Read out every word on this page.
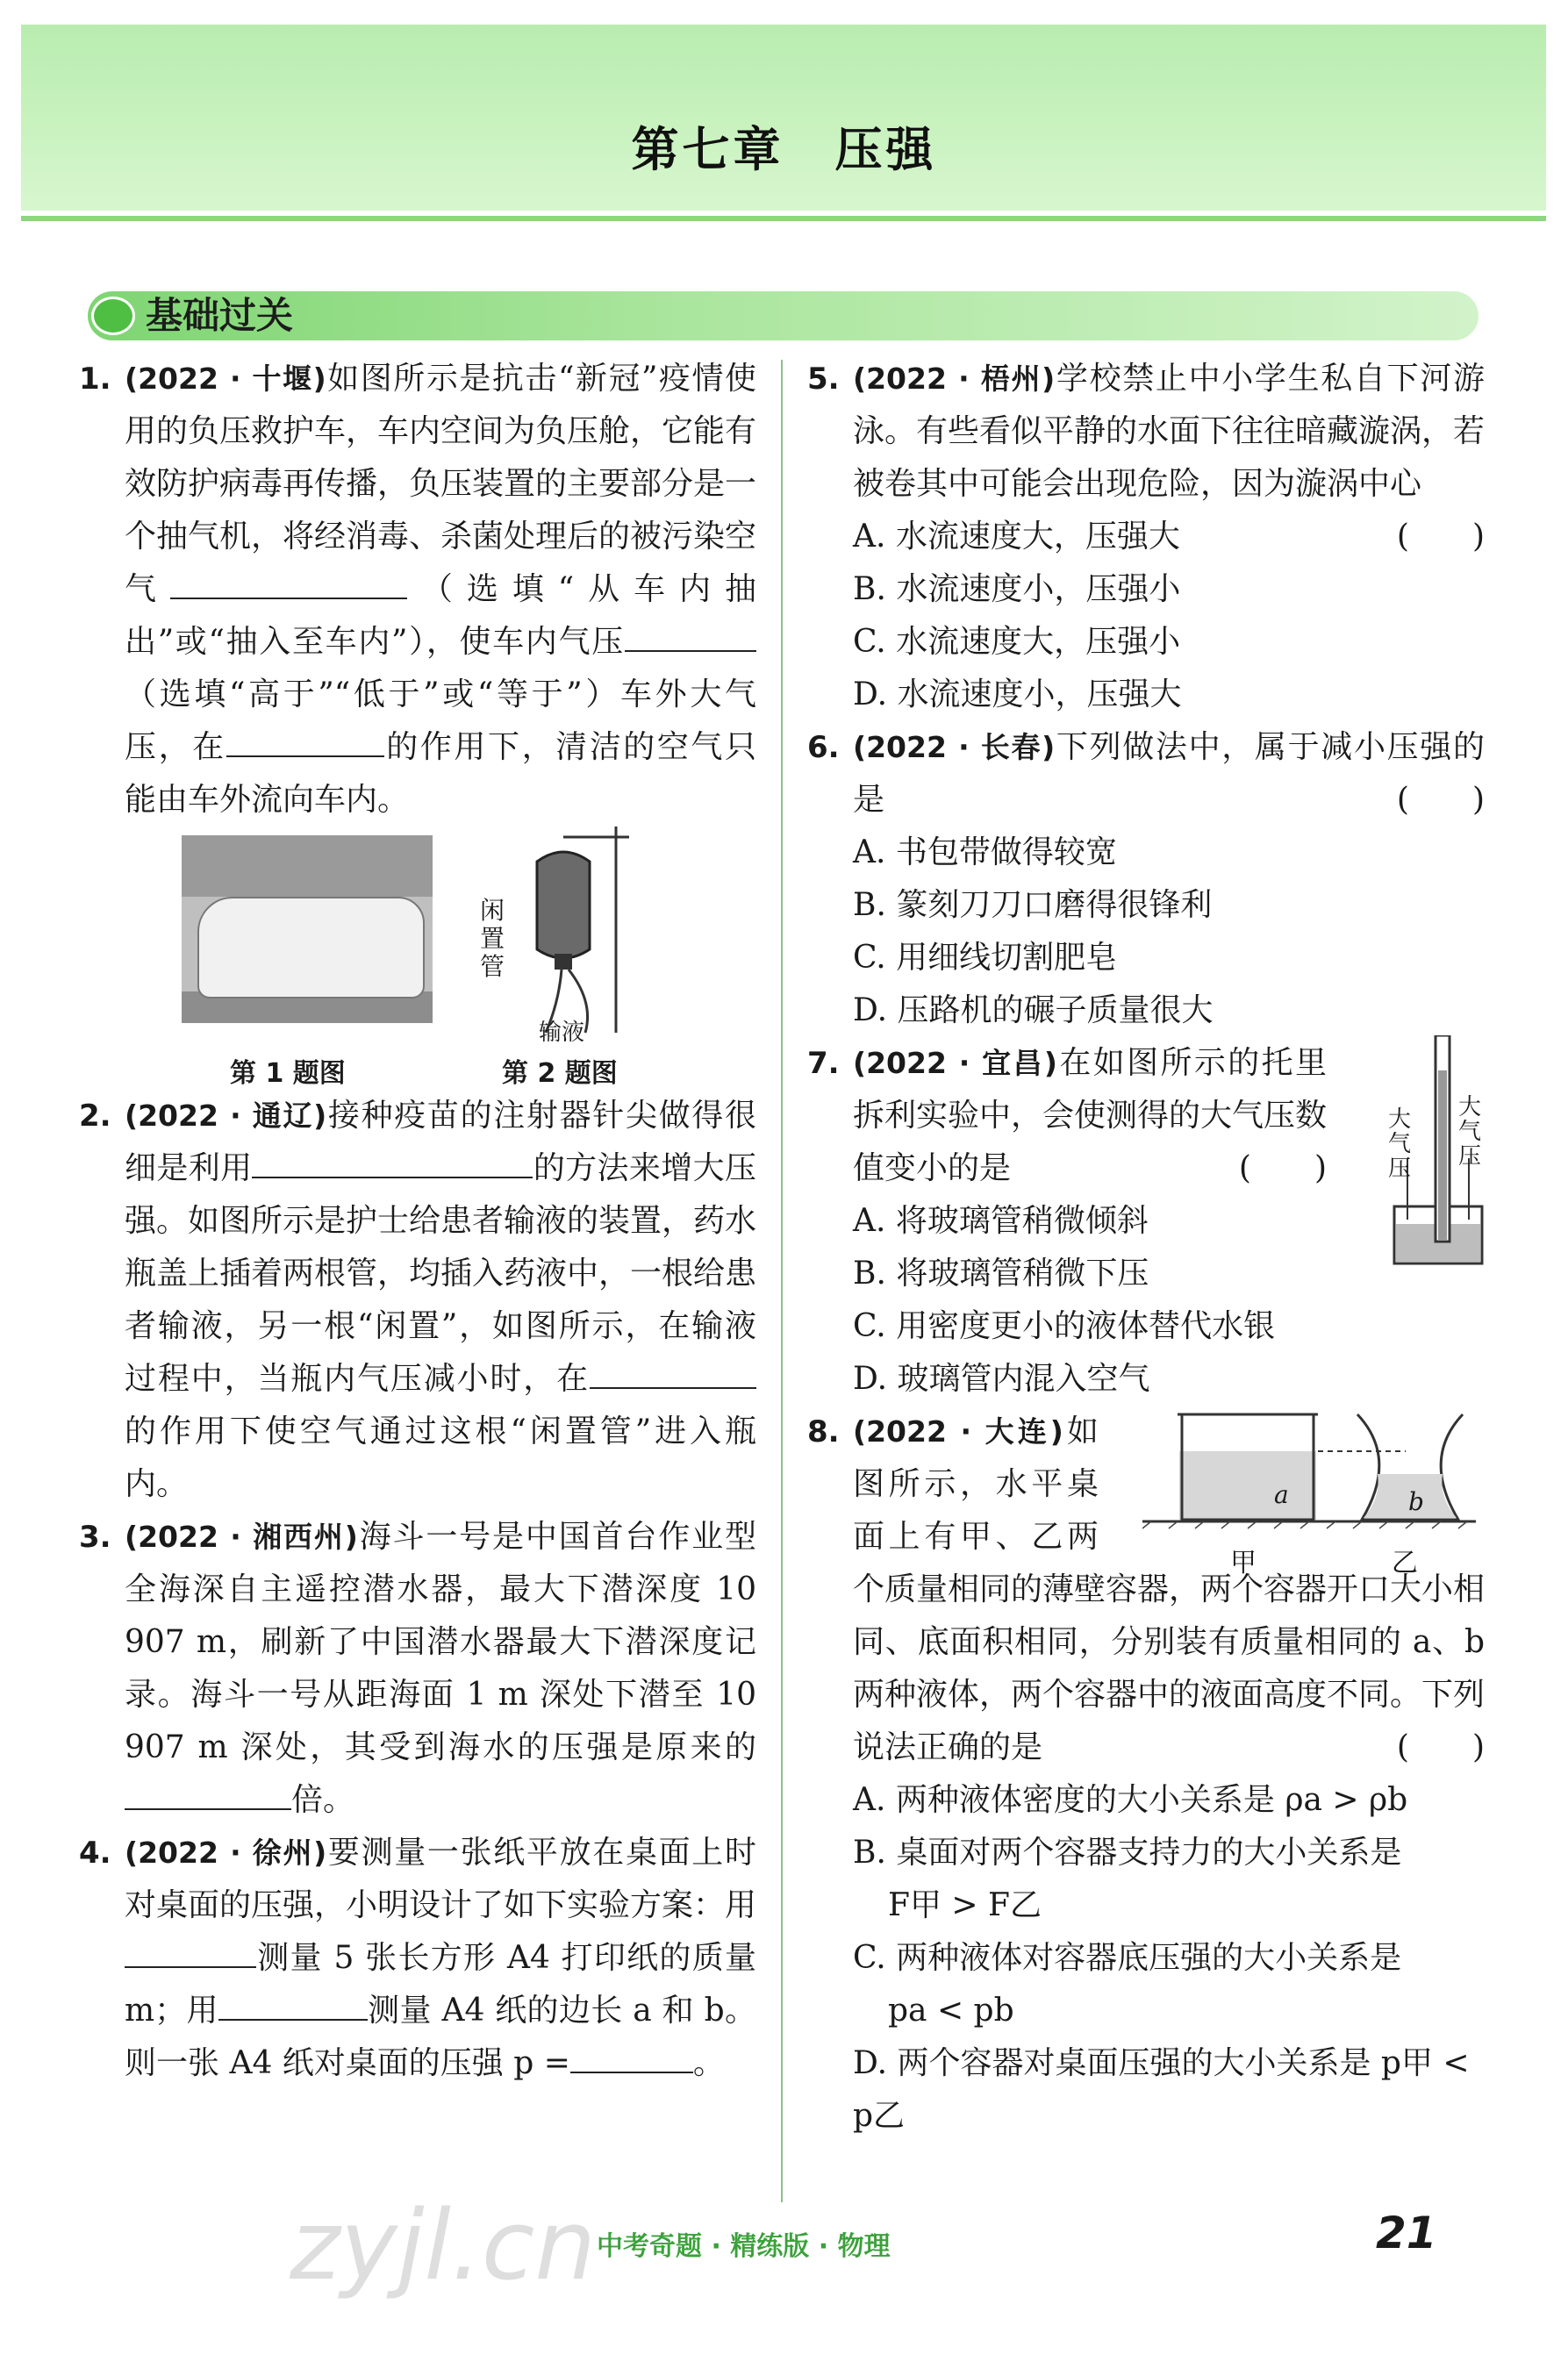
第七章　压强
基础过关
1. (2022 · 十堰)如图所示是抗击“新冠”疫情使用的负压救护车，车内空间为负压舱，它能有效防护病毒再传播，负压装置的主要部分是一个抽气机，将经消毒、杀菌处理后的被污染空气	（选填“从车内抽出”或“抽入至车内”），使车内气压（选填“高于”“低于”或“等于”）车外大气压，在	的作用下，清洁的空气只能由车外流向车内。
闲置管
输液
第 1 题图	第 2 题图
2. (2022 · 通辽)接种疫苗的注射器针尖做得很细是利用	的方法来增大压强。如图所示是护士给患者输液的装置，药水瓶盖上插着两根管，均插入药液中，一根给患者输液，另一根“闲置”，如图所示，在输液过程中，当瓶内气压减小时，在的作用下使空气通过这根“闲置管”进入瓶内。
3. (2022 · 湘西州)海斗一号是中国首台作业型全海深自主遥控潜水器，最大下潜深度 10 907 m，刷新了中国潜水器最大下潜深度记录。海斗一号从距海面 1 m 深处下潜至 10 907 m 深处，其受到海水的压强是原来的倍。
4. (2022 · 徐州)要测量一张纸平放在桌面上时对桌面的压强，小明设计了如下实验方案：用测量 5 张长方形 A4 打印纸的质量 m；用	测量 A4 纸的边长 a 和 b。则一张 A4 纸对桌面的压强 p =	。
5. (2022 · 梧州)学校禁止中小学生私自下河游泳。有些看似平静的水面下往往暗藏漩涡，若被卷其中可能会出现危险，因为漩涡中心
(　　)
A. 水流速度大，压强大
B. 水流速度小，压强小
C. 水流速度大，压强小
D. 水流速度小，压强大
6. (2022 · 长春)下列做法中，属于减小压强的是	(　　)
A. 书包带做得较宽
B. 篆刻刀刀口磨得很锋利
C. 用细线切割肥皂
D. 压路机的碾子质量很大
7. (2022 · 宜昌)在如图所示的托里拆利实验中，会使测得的大气压数值变小的是	(　　)
A. 将玻璃管稍微倾斜
B. 将玻璃管稍微下压
C. 用密度更小的液体替代水银
D. 玻璃管内混入空气
大气压
大气压
8. (2022 · 大连)
如图所示，水平桌面上有甲、乙两个质量相同的薄壁容器，两个容器开口大小相同、底面积相同，分别装有质量相同的 a、b 两种液体，两个容器中的液面高度不同。下列说法正确的是	(　　)
a	b
甲	乙
A. 两种液体密度的大小关系是 ρa > ρb
B. 桌面对两个容器支持力的大小关系是
F甲 > F乙
C. 两种液体对容器底压强的大小关系是
pa < pb
D. 两个容器对桌面压强的大小关系是 p甲 < p乙
zyjl.cn 中考奇题 · 精练版 · 物理	21
